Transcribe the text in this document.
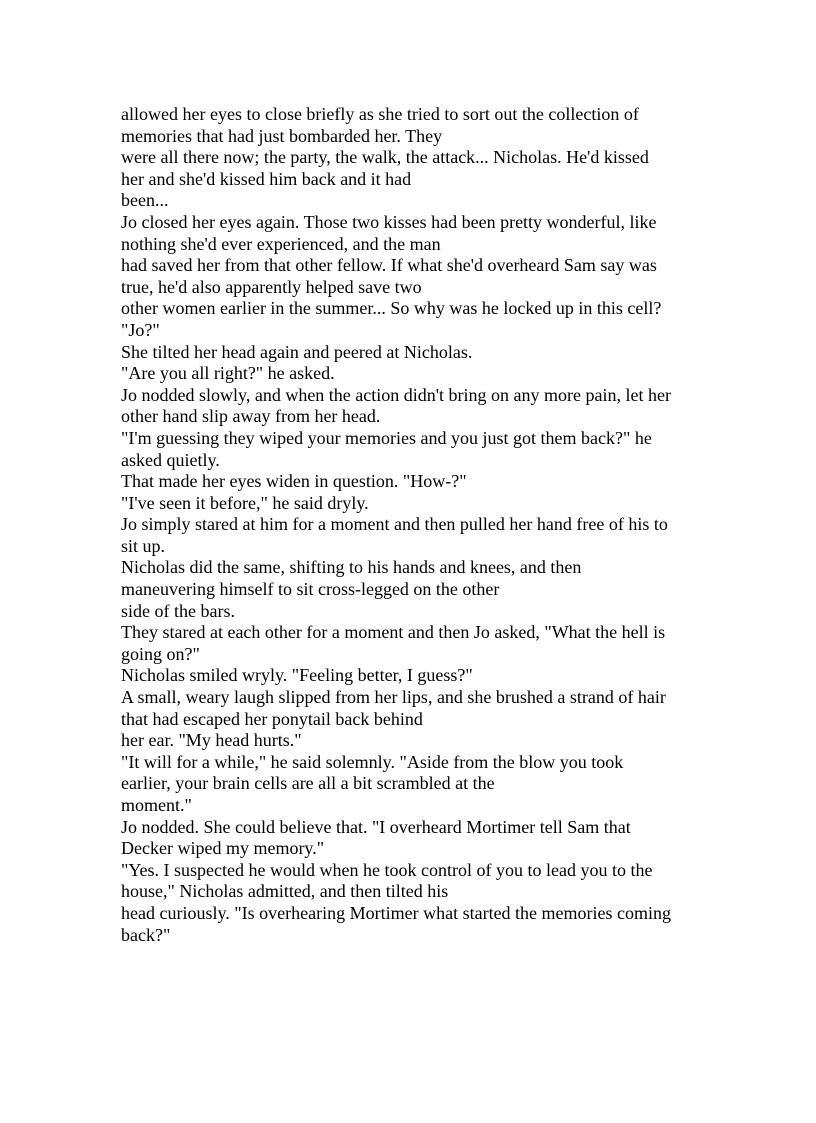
allowed her eyes to close briefly as she tried to sort out the collection of
memories that had just bombarded her. They
were all there now; the party, the walk, the attack... Nicholas. He'd kissed
her and she'd kissed him back and it had
been...
Jo closed her eyes again. Those two kisses had been pretty wonderful, like
nothing she'd ever experienced, and the man
had saved her from that other fellow. If what she'd overheard Sam say was
true, he'd also apparently helped save two
other women earlier in the summer... So why was he locked up in this cell?
"Jo?"
She tilted her head again and peered at Nicholas.
"Are you all right?" he asked.
Jo nodded slowly, and when the action didn't bring on any more pain, let her
other hand slip away from her head.
"I'm guessing they wiped your memories and you just got them back?" he
asked quietly.
That made her eyes widen in question. "How-?"
"I've seen it before," he said dryly.
Jo simply stared at him for a moment and then pulled her hand free of his to
sit up.
Nicholas did the same, shifting to his hands and knees, and then
maneuvering himself to sit cross-legged on the other
side of the bars.
They stared at each other for a moment and then Jo asked, "What the hell is
going on?"
Nicholas smiled wryly. "Feeling better, I guess?"
A small, weary laugh slipped from her lips, and she brushed a strand of hair
that had escaped her ponytail back behind
her ear. "My head hurts."
"It will for a while," he said solemnly. "Aside from the blow you took
earlier, your brain cells are all a bit scrambled at the
moment."
Jo nodded. She could believe that. "I overheard Mortimer tell Sam that
Decker wiped my memory."
"Yes. I suspected he would when he took control of you to lead you to the
house," Nicholas admitted, and then tilted his
head curiously. "Is overhearing Mortimer what started the memories coming
back?"
